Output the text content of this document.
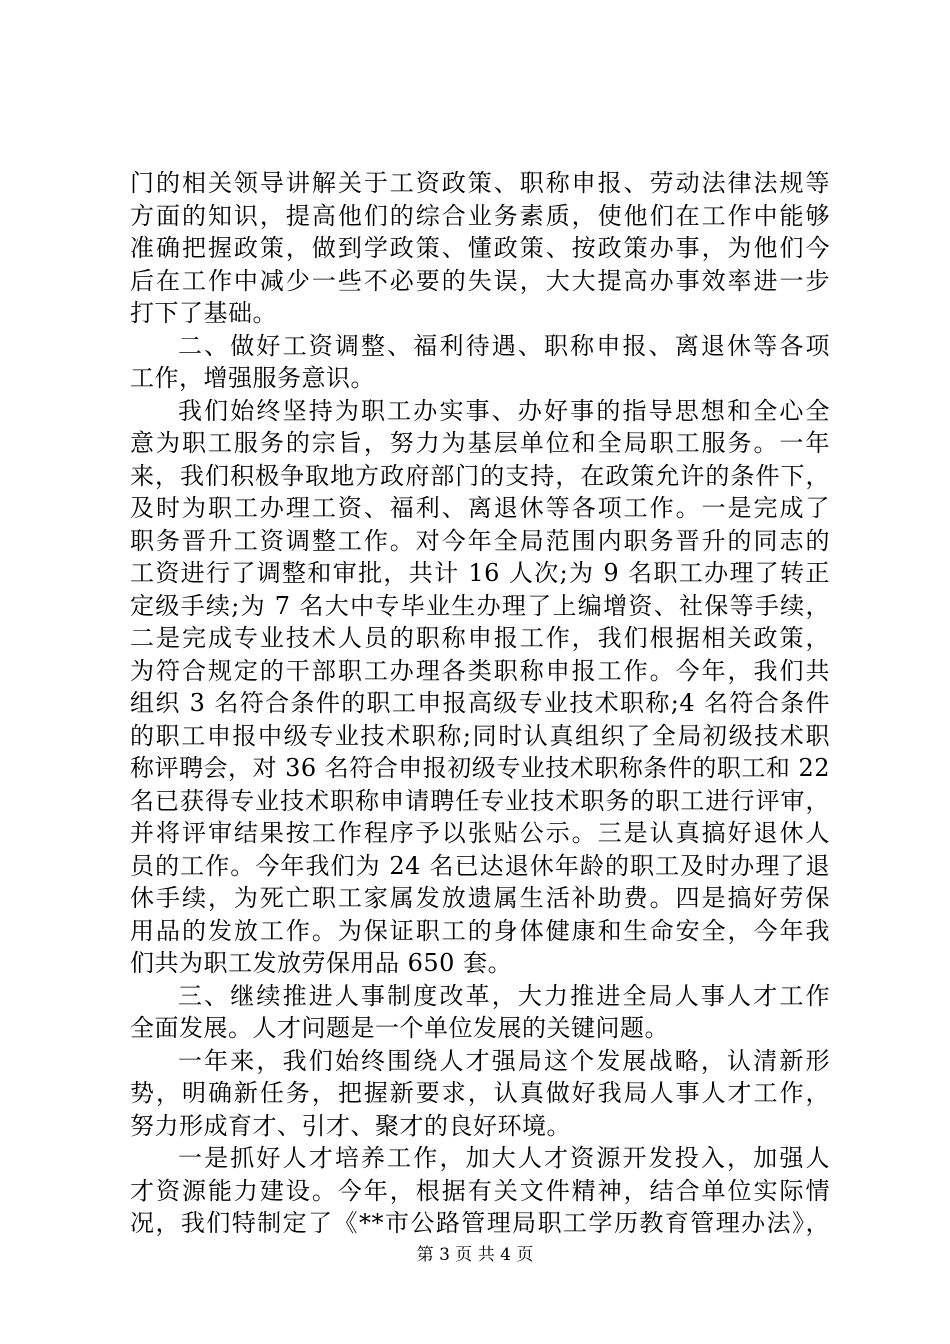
门的相关领导讲解关于工资政策、职称申报、劳动法律法规等
方面的知识，提高他们的综合业务素质，使他们在工作中能够
准确把握政策，做到学政策、懂政策、按政策办事，为他们今
后在工作中减少一些不必要的失误，大大提高办事效率进一步
打下了基础。
二、做好工资调整、福利待遇、职称申报、离退休等各项
工作，增强服务意识。
我们始终坚持为职工办实事、办好事的指导思想和全心全
意为职工服务的宗旨，努力为基层单位和全局职工服务。一年
来，我们积极争取地方政府部门的支持，在政策允许的条件下，
及时为职工办理工资、福利、离退休等各项工作。一是完成了
职务晋升工资调整工作。对今年全局范围内职务晋升的同志的
工资进行了调整和审批，共计 16 人次;为 9 名职工办理了转正
定级手续;为 7 名大中专毕业生办理了上编增资、社保等手续，
二是完成专业技术人员的职称申报工作，我们根据相关政策，
为符合规定的干部职工办理各类职称申报工作。今年，我们共
组织 3 名符合条件的职工申报高级专业技术职称;4 名符合条件
的职工申报中级专业技术职称;同时认真组织了全局初级技术职
称评聘会，对 36 名符合申报初级专业技术职称条件的职工和 22
名已获得专业技术职称申请聘任专业技术职务的职工进行评审，
并将评审结果按工作程序予以张贴公示。三是认真搞好退休人
员的工作。今年我们为 24 名已达退休年龄的职工及时办理了退
休手续，为死亡职工家属发放遗属生活补助费。四是搞好劳保
用品的发放工作。为保证职工的身体健康和生命安全，今年我
们共为职工发放劳保用品 650 套。
三、继续推进人事制度改革，大力推进全局人事人才工作
全面发展。人才问题是一个单位发展的关键问题。
一年来，我们始终围绕人才强局这个发展战略，认清新形
势，明确新任务，把握新要求，认真做好我局人事人才工作，
努力形成育才、引才、聚才的良好环境。
一是抓好人才培养工作，加大人才资源开发投入，加强人
才资源能力建设。今年，根据有关文件精神，结合单位实际情
况，我们特制定了《**市公路管理局职工学历教育管理办法》，
第 3 页 共 4 页
